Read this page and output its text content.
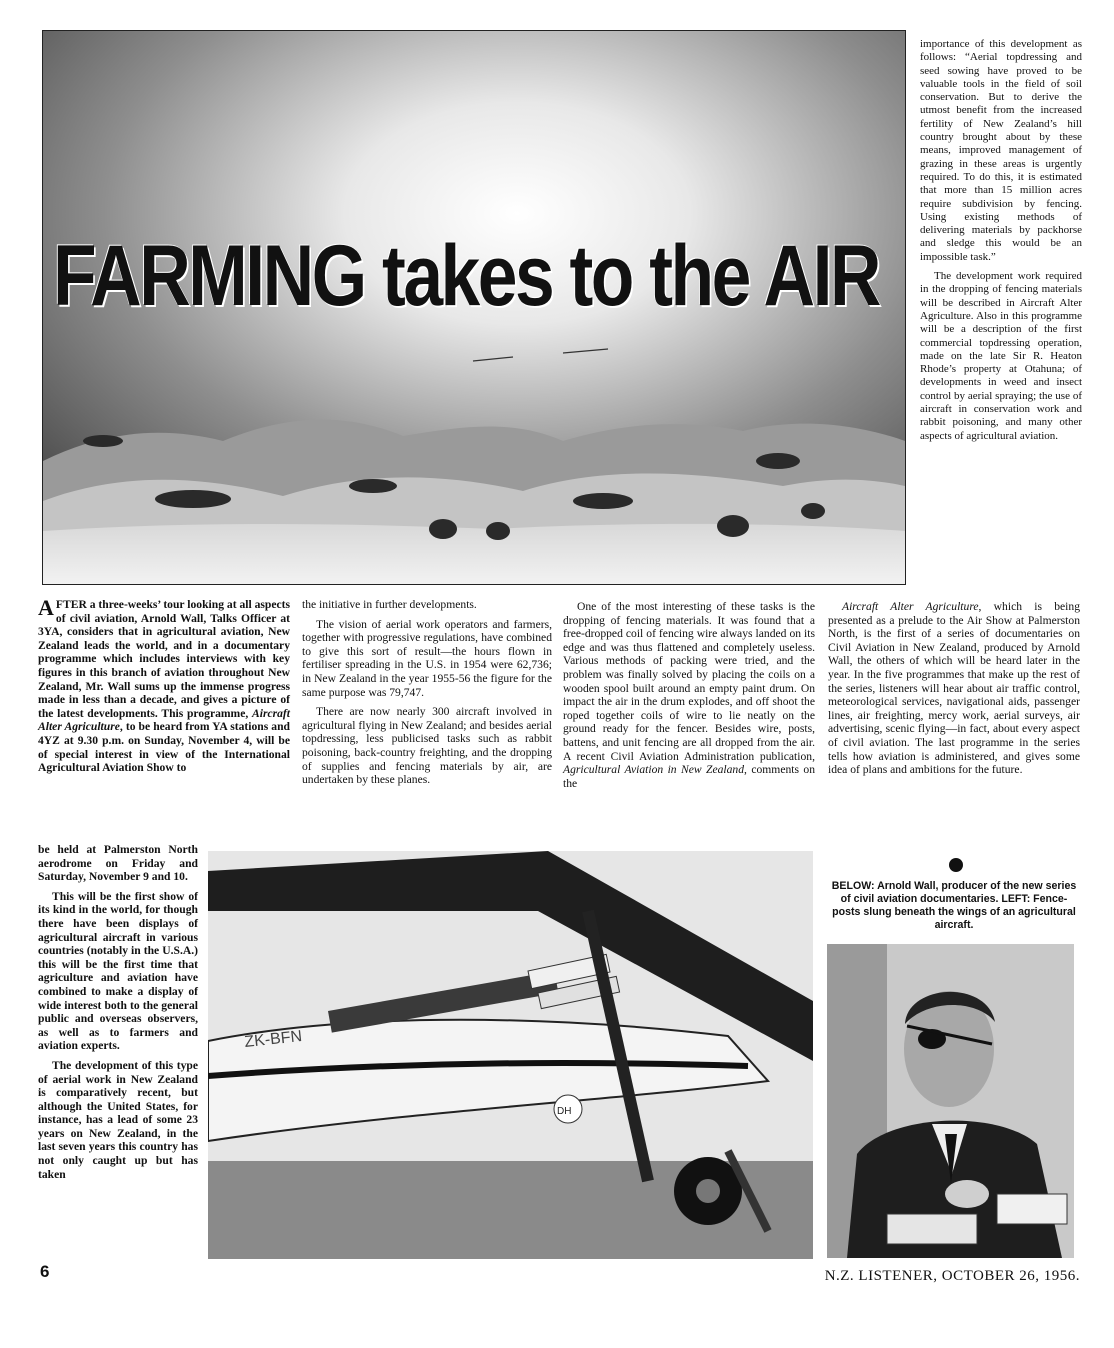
FARMING takes to the AIR

importance of this development as follows: “Aerial topdressing and seed sowing have proved to be valuable tools in the field of soil conservation. But to derive the utmost benefit from the increased fertility of New Zealand’s hill country brought about by these means, improved management of grazing in these areas is urgently required. To do this, it is estimated that more than 15 million acres require subdivision by fencing. Using existing methods of delivering materials by packhorse and sledge this would be an impossible task.”

The development work required in the dropping of fencing materials will be described in Aircraft Alter Agriculture. Also in this programme will be a description of the first commercial topdressing operation, made on the late Sir R. Heaton Rhode’s property at Otahuna; of developments in weed and insect control by aerial spraying; the use of aircraft in conservation work and rabbit poisoning, and many other aspects of agricultural aviation.

AFTER a three-weeks’ tour looking at all aspects of civil aviation, Arnold Wall, Talks Officer at 3YA, considers that in agricultural aviation, New Zealand leads the world, and in a documentary programme which includes interviews with key figures in this branch of aviation throughout New Zealand, Mr. Wall sums up the immense progress made in less than a decade, and gives a picture of the latest developments. This programme, Aircraft Alter Agriculture, to be heard from YA stations and 4YZ at 9.30 p.m. on Sunday, November 4, will be of special interest in view of the International Agricultural Aviation Show to

be held at Palmerston North aerodrome on Friday and Saturday, November 9 and 10.

This will be the first show of its kind in the world, for though there have been displays of agricultural aircraft in various countries (notably in the U.S.A.) this will be the first time that agriculture and aviation have combined to make a display of wide interest both to the general public and overseas observers, as well as to farmers and aviation experts.

The development of this type of aerial work in New Zealand is comparatively recent, but although the United States, for instance, has a lead of some 23 years on New Zealand, in the last seven years this country has not only caught up but has taken

the initiative in further developments.

The vision of aerial work operators and farmers, together with progressive regulations, have combined to give this sort of result—the hours flown in fertiliser spreading in the U.S. in 1954 were 62,736; in New Zealand in the year 1955-56 the figure for the same purpose was 79,747.

There are now nearly 300 aircraft involved in agricultural flying in New Zealand; and besides aerial topdressing, less publicised tasks such as rabbit poisoning, back-country freighting, and the dropping of supplies and fencing materials by air, are undertaken by these planes.

One of the most interesting of these tasks is the dropping of fencing materials. It was found that a free-dropped coil of fencing wire always landed on its edge and was thus flattened and completely useless. Various methods of packing were tried, and the problem was finally solved by placing the coils on a wooden spool built around an empty paint drum. On impact the air in the drum explodes, and off shoot the roped together coils of wire to lie neatly on the ground ready for the fencer. Besides wire, posts, battens, and unit fencing are all dropped from the air. A recent Civil Aviation Administration publication, Agricultural Aviation in New Zealand, comments on the

Aircraft Alter Agriculture, which is being presented as a prelude to the Air Show at Palmerston North, is the first of a series of documentaries on Civil Aviation in New Zealand, produced by Arnold Wall, the others of which will be heard later in the year. In the five programmes that make up the rest of the series, listeners will hear about air traffic control, meteorological services, navigational aids, passenger lines, air freighting, mercy work, aerial surveys, air advertising, scenic flying—in fact, about every aspect of civil aviation. The last programme in the series tells how aviation is administered, and gives some idea of plans and ambitions for the future.

BELOW: Arnold Wall, producer of the new series of civil aviation documentaries. LEFT: Fence-posts slung beneath the wings of an agricultural aircraft.
ZK-BFN
DH
6	N.Z. LISTENER, OCTOBER 26, 1956.
